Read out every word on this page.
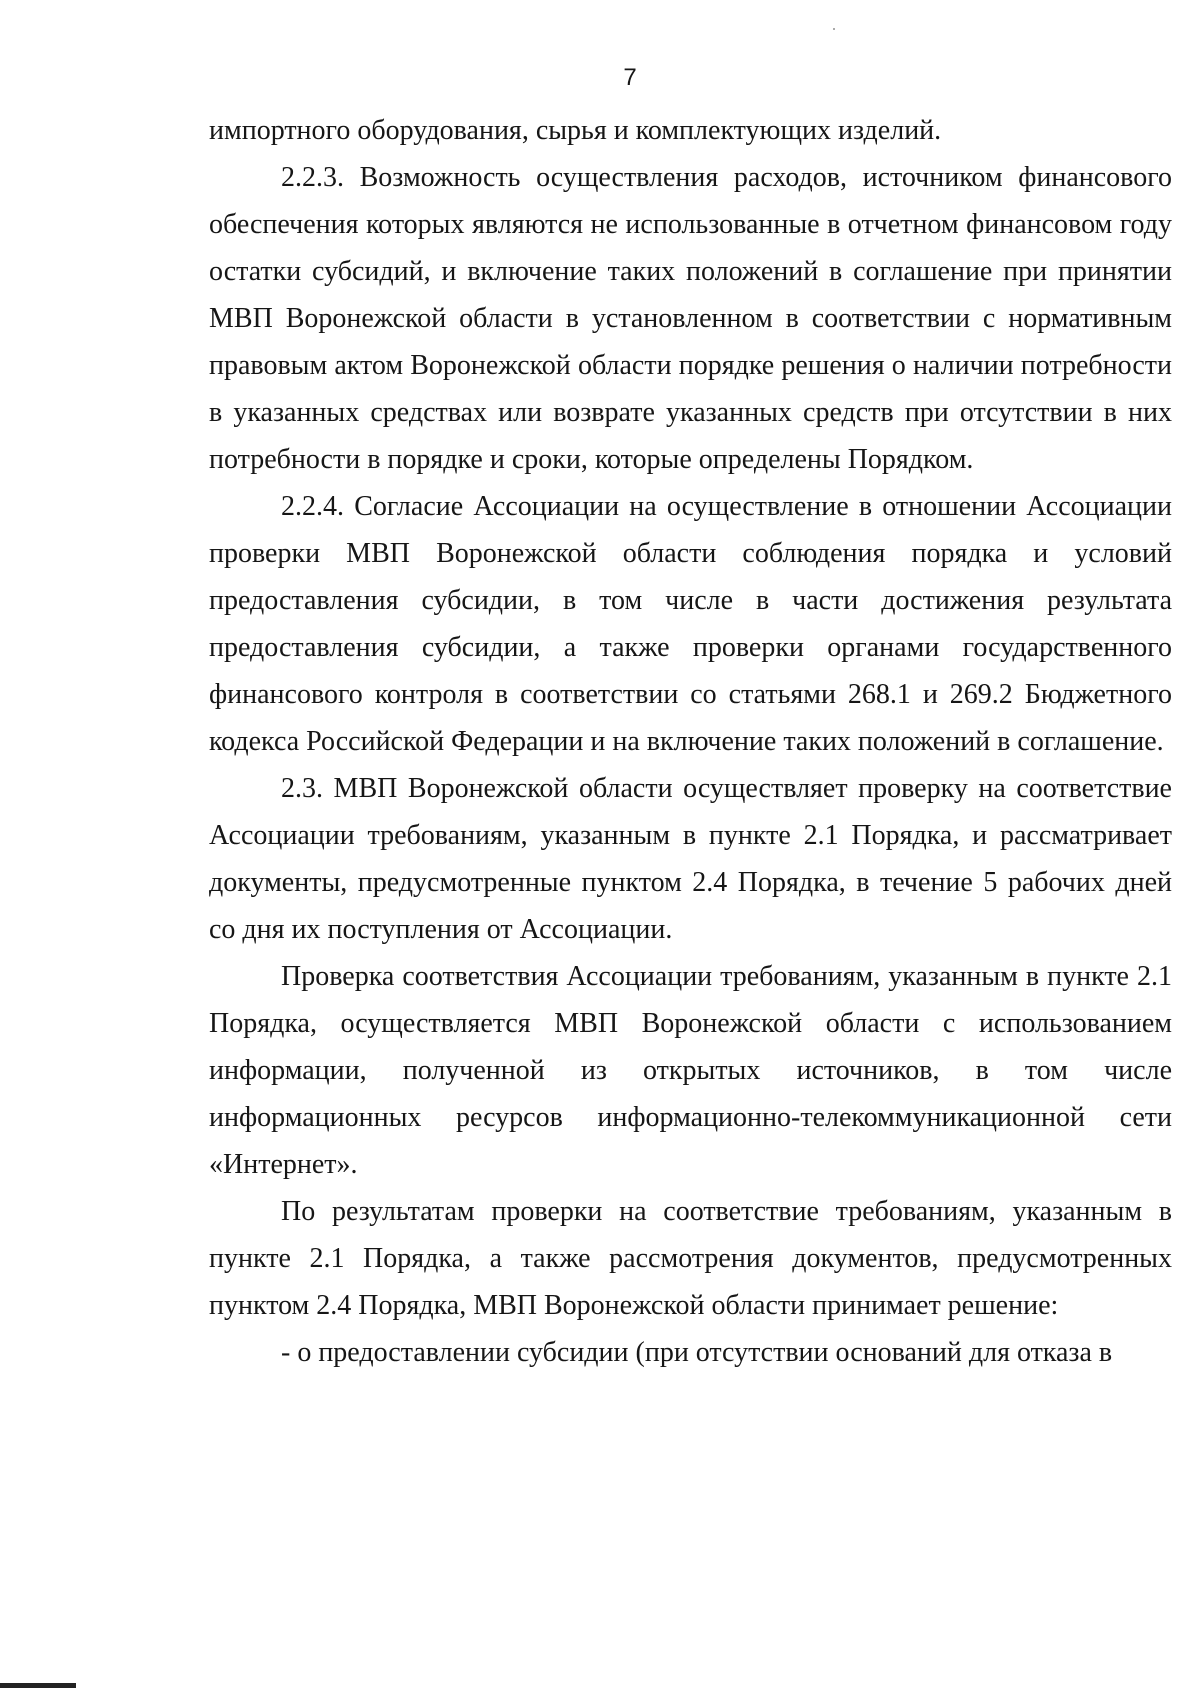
7

импортного оборудования, сырья и комплектующих изделий.

2.2.3. Возможность осуществления расходов, источником финансового обеспечения которых являются не использованные в отчетном финансовом году остатки субсидий, и включение таких положений в соглашение при принятии МВП Воронежской области в установленном в соответствии с нормативным правовым актом Воронежской области порядке решения о наличии потребности в указанных средствах или возврате указанных средств при отсутствии в них потребности в порядке и сроки, которые определены Порядком.

2.2.4. Согласие Ассоциации на осуществление в отношении Ассоциации проверки МВП Воронежской области соблюдения порядка и условий предоставления субсидии, в том числе в части достижения результата предоставления субсидии, а также проверки органами государственного финансового контроля в соответствии со статьями 268.1 и 269.2 Бюджетного кодекса Российской Федерации и на включение таких положений в соглашение.

2.3. МВП Воронежской области осуществляет проверку на соответствие Ассоциации требованиям, указанным в пункте 2.1 Порядка, и рассматривает документы, предусмотренные пунктом 2.4 Порядка, в течение 5 рабочих дней со дня их поступления от Ассоциации.

Проверка соответствия Ассоциации требованиям, указанным в пункте 2.1 Порядка, осуществляется МВП Воронежской области с использованием информации, полученной из открытых источников, в том числе информационных ресурсов информационно-телекоммуникационной сети «Интернет».

По результатам проверки на соответствие требованиям, указанным в пункте 2.1 Порядка, а также рассмотрения документов, предусмотренных пунктом 2.4 Порядка, МВП Воронежской области принимает решение:

- о предоставлении субсидии (при отсутствии оснований для отказа в
